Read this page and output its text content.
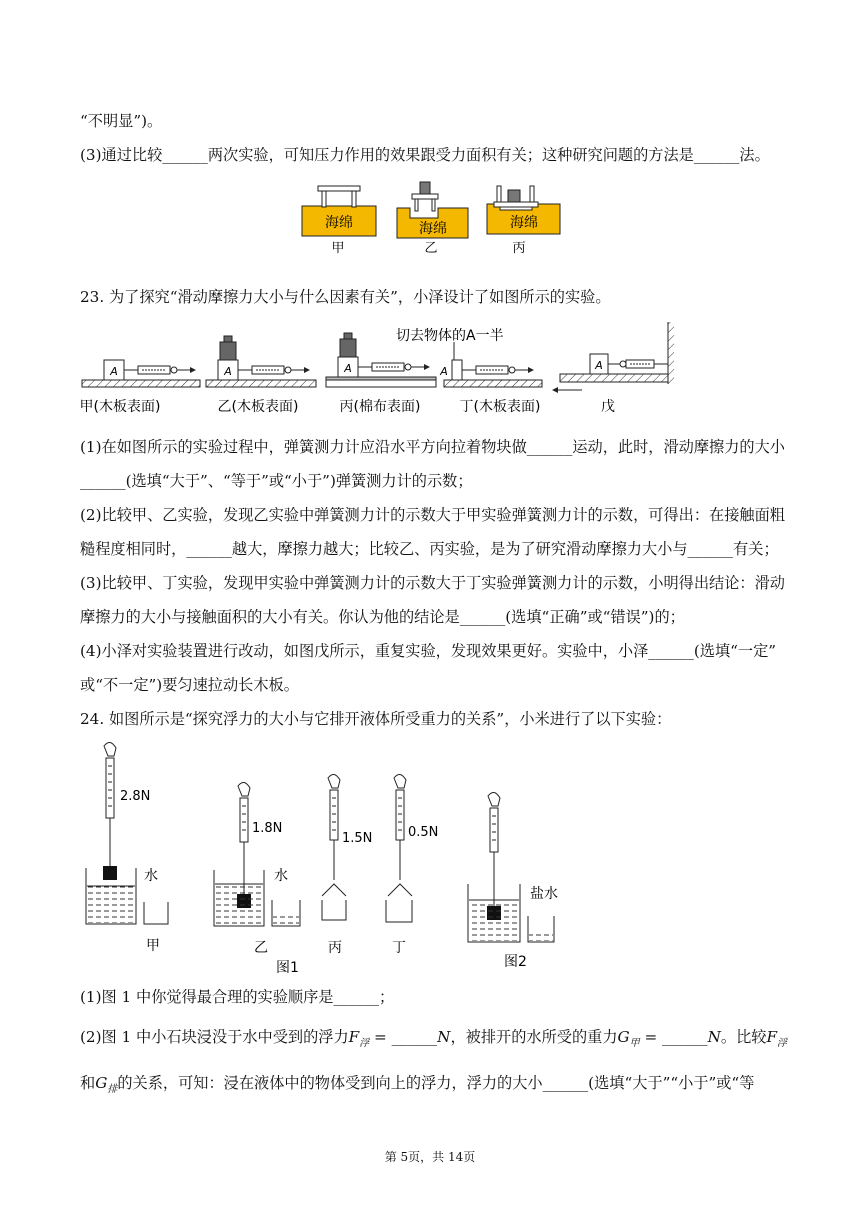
“不明显”)。
(3)通过比较______两次实验，可知压力作用的效果跟受力面积有关；这种研究问题的方法是______法。
海绵
甲
海绵
乙
海绵
丙
23. 为了探究“滑动摩擦力大小与什么因素有关”，小泽设计了如图所示的实验。
A
甲(木板表面)
A
乙(木板表面)
A
丙(棉布表面)
切去物体的A一半
A
丁(木板表面)
A
戊
(1)在如图所示的实验过程中，弹簧测力计应沿水平方向拉着物块做______运动，此时，滑动摩擦力的大小
______(选填“大于”、“等于”或“小于”)弹簧测力计的示数；
(2)比较甲、乙实验，发现乙实验中弹簧测力计的示数大于甲实验弹簧测力计的示数，可得出：在接触面粗
糙程度相同时，______越大，摩擦力越大；比较乙、丙实验，是为了研究滑动摩擦力大小与______有关；
(3)比较甲、丁实验，发现甲实验中弹簧测力计的示数大于丁实验弹簧测力计的示数，小明得出结论：滑动
摩擦力的大小与接触面积的大小有关。你认为他的结论是______(选填“正确”或“错误”)的；
(4)小泽对实验装置进行改动，如图戊所示，重复实验，发现效果更好。实验中，小泽______(选填“一定”
或“不一定”)要匀速拉动长木板。
24. 如图所示是“探究浮力的大小与它排开液体所受重力的关系”，小米进行了以下实验：
2.8N
水
甲
1.8N
水
乙
1.5N
丙
0.5N
丁
图1
盐水
图2
(1)图 1 中你觉得最合理的实验顺序是______；
(2)图 1 中小石块浸没于水中受到的浮力$F_浮$ = ______N，被排开的水所受的重力$G_甲$ = ______N。比较$F_浮$
和$G_排$的关系，可知：浸在液体中的物体受到向上的浮力，浮力的大小______(选填“大于”“小于”或“等
第 5页，共 14页
